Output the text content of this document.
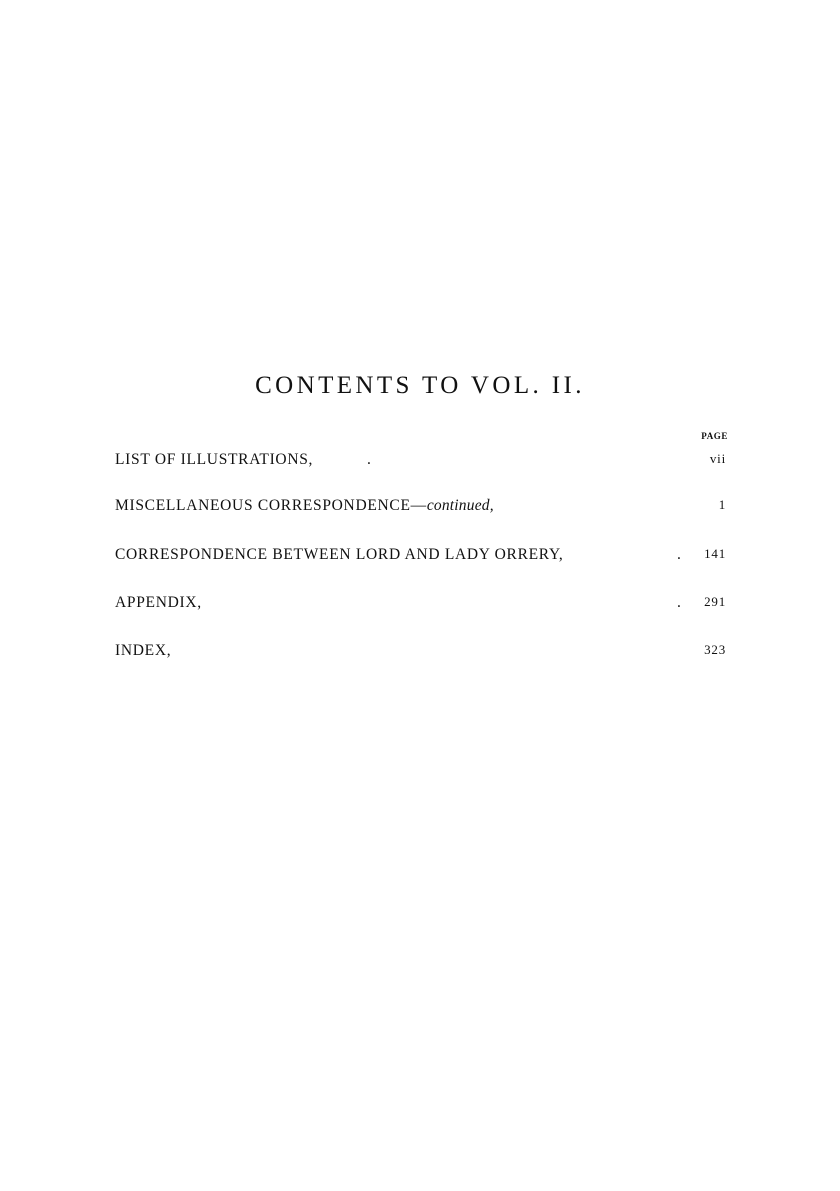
CONTENTS TO VOL. II.
PAGE
LIST OF ILLUSTRATIONS,	.	vii
MISCELLANEOUS CORRESPONDENCE—continued,	1
CORRESPONDENCE BETWEEN LORD AND LADY ORRERY,	. 141
APPENDIX,	. 291
INDEX,	323
